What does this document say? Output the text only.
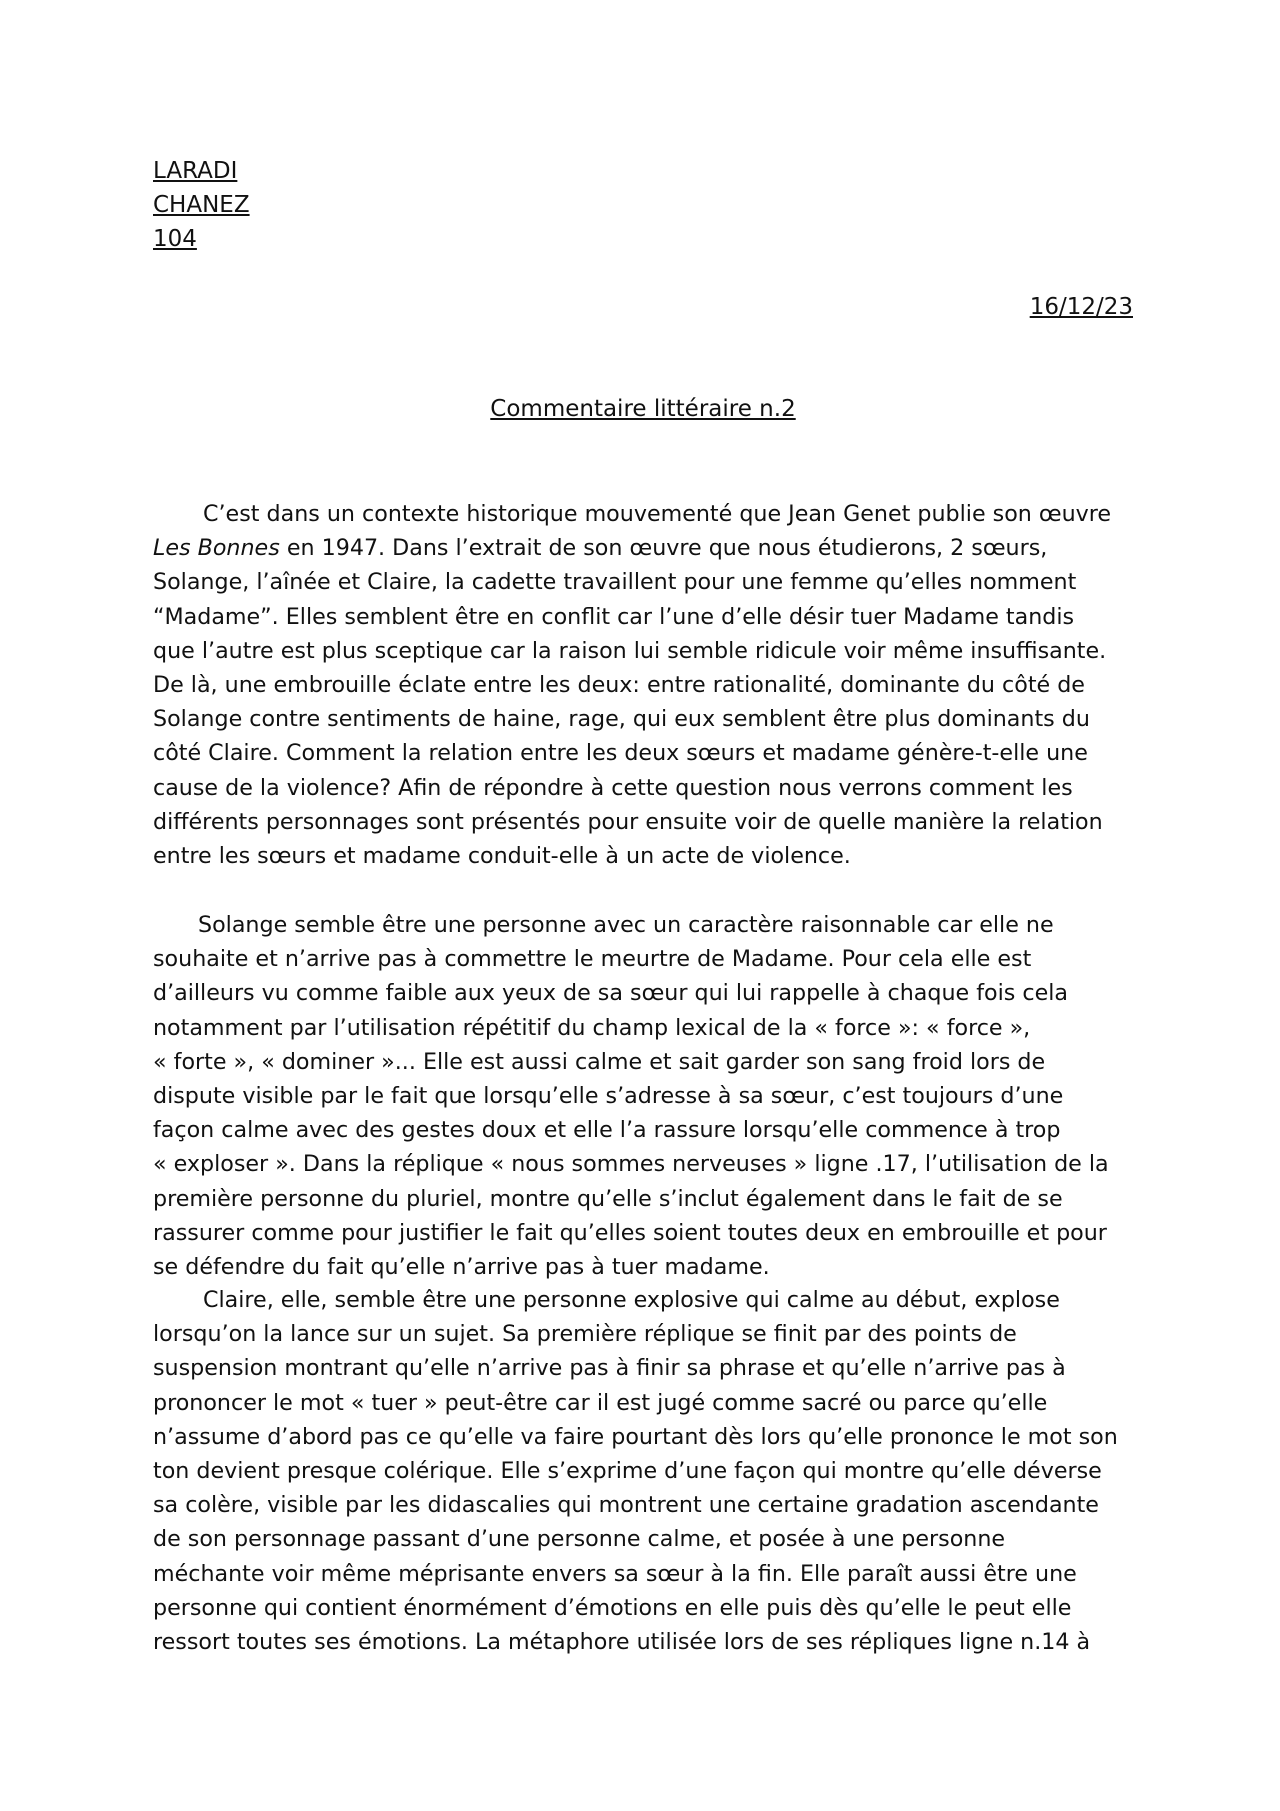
LARADI
CHANEZ
104
16/12/23
Commentaire littéraire n.2
C’est dans un contexte historique mouvementé que Jean Genet publie son œuvre
Les Bonnes en 1947. Dans l’extrait de son œuvre que nous étudierons, 2 sœurs,
Solange, l’aînée et Claire, la cadette travaillent pour une femme qu’elles nomment
“Madame”. Elles semblent être en conflit car l’une d’elle désir tuer Madame tandis
que l’autre est plus sceptique car la raison lui semble ridicule voir même insuffisante.
De là, une embrouille éclate entre les deux: entre rationalité, dominante du côté de
Solange contre sentiments de haine, rage, qui eux semblent être plus dominants du
côté Claire. Comment la relation entre les deux sœurs et madame génère-t-elle une
cause de la violence? Afin de répondre à cette question nous verrons comment les
différents personnages sont présentés pour ensuite voir de quelle manière la relation
entre les sœurs et madame conduit-elle à un acte de violence.
Solange semble être une personne avec un caractère raisonnable car elle ne
souhaite et n’arrive pas à commettre le meurtre de Madame. Pour cela elle est
d’ailleurs vu comme faible aux yeux de sa sœur qui lui rappelle à chaque fois cela
notamment par l’utilisation répétitif du champ lexical de la « force »: « force »,
« forte », « dominer »... Elle est aussi calme et sait garder son sang froid lors de
dispute visible par le fait que lorsqu’elle s’adresse à sa sœur, c’est toujours d’une
façon calme avec des gestes doux et elle l’a rassure lorsqu’elle commence à trop
« exploser ». Dans la réplique « nous sommes nerveuses » ligne .17, l’utilisation de la
première personne du pluriel, montre qu’elle s’inclut également dans le fait de se
rassurer comme pour justifier le fait qu’elles soient toutes deux en embrouille et pour
se défendre du fait qu’elle n’arrive pas à tuer madame.
Claire, elle, semble être une personne explosive qui calme au début, explose
lorsqu’on la lance sur un sujet. Sa première réplique se finit par des points de
suspension montrant qu’elle n’arrive pas à finir sa phrase et qu’elle n’arrive pas à
prononcer le mot « tuer » peut-être car il est jugé comme sacré ou parce qu’elle
n’assume d’abord pas ce qu’elle va faire pourtant dès lors qu’elle prononce le mot son
ton devient presque colérique. Elle s’exprime d’une façon qui montre qu’elle déverse
sa colère, visible par les didascalies qui montrent une certaine gradation ascendante
de son personnage passant d’une personne calme, et posée à une personne
méchante voir même méprisante envers sa sœur à la fin. Elle paraît aussi être une
personne qui contient énormément d’émotions en elle puis dès qu’elle le peut elle
ressort toutes ses émotions. La métaphore utilisée lors de ses répliques ligne n.14 à
